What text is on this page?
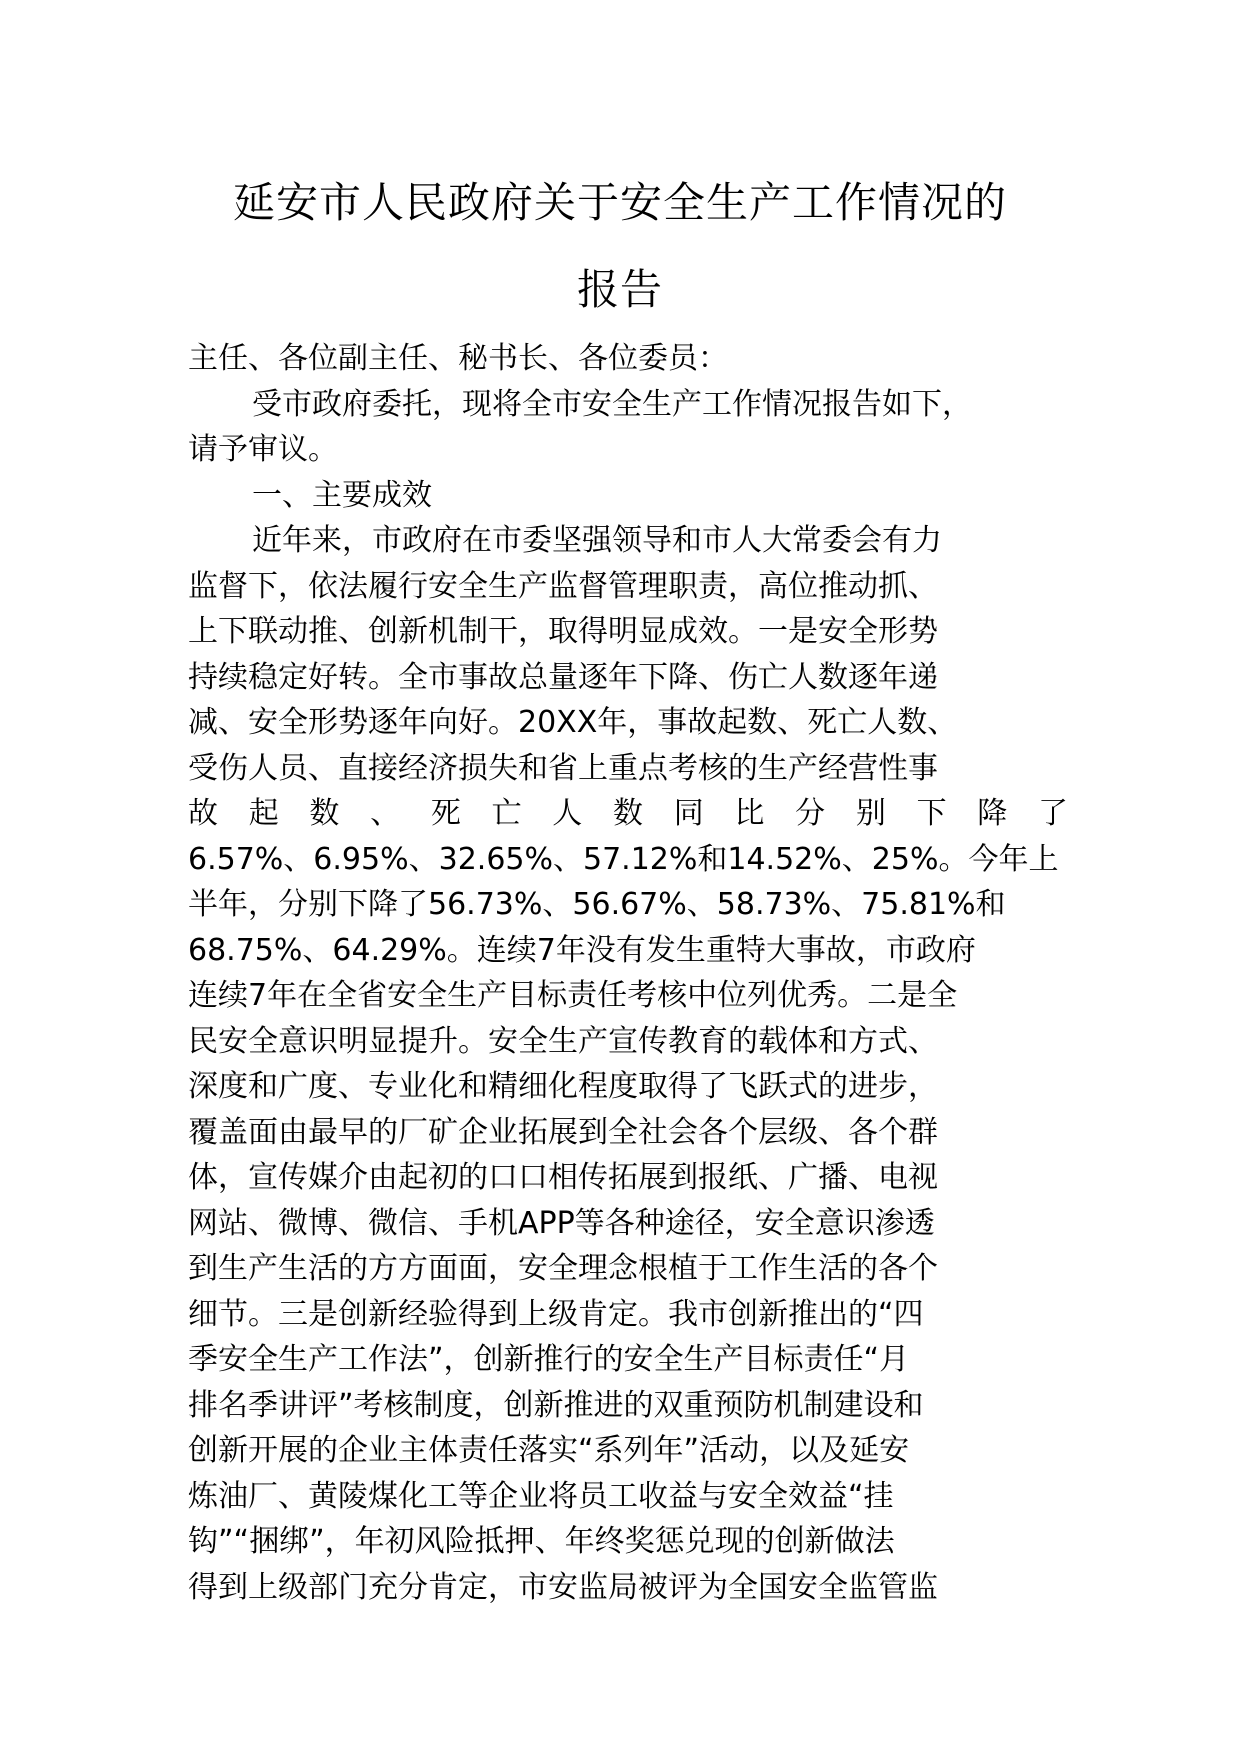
延安市人民政府关于安全生产工作情况的
报告
主任、各位副主任、秘书长、各位委员：
受市政府委托，现将全市安全生产工作情况报告如下，
请予审议。
一、主要成效
近年来，市政府在市委坚强领导和市人大常委会有力
监督下，依法履行安全生产监督管理职责，高位推动抓、
上下联动推、创新机制干，取得明显成效。一是安全形势
持续稳定好转。全市事故总量逐年下降、伤亡人数逐年递
减、安全形势逐年向好。20XX年，事故起数、死亡人数、
受伤人员、直接经济损失和省上重点考核的生产经营性事
故起数、死亡人数同比分别下降了
6.57%、6.95%、32.65%、57.12%和14.52%、25%。今年上
半年，分别下降了56.73%、56.67%、58.73%、75.81%和
68.75%、64.29%。连续7年没有发生重特大事故，市政府
连续7年在全省安全生产目标责任考核中位列优秀。二是全
民安全意识明显提升。安全生产宣传教育的载体和方式、
深度和广度、专业化和精细化程度取得了飞跃式的进步，
覆盖面由最早的厂矿企业拓展到全社会各个层级、各个群
体，宣传媒介由起初的口口相传拓展到报纸、广播、电视
网站、微博、微信、手机APP等各种途径，安全意识渗透
到生产生活的方方面面，安全理念根植于工作生活的各个
细节。三是创新经验得到上级肯定。我市创新推出的“四
季安全生产工作法”，创新推行的安全生产目标责任“月
排名季讲评”考核制度，创新推进的双重预防机制建设和
创新开展的企业主体责任落实“系列年”活动，以及延安
炼油厂、黄陵煤化工等企业将员工收益与安全效益“挂
钩”“捆绑”，年初风险抵押、年终奖惩兑现的创新做法
得到上级部门充分肯定，市安监局被评为全国安全监管监
